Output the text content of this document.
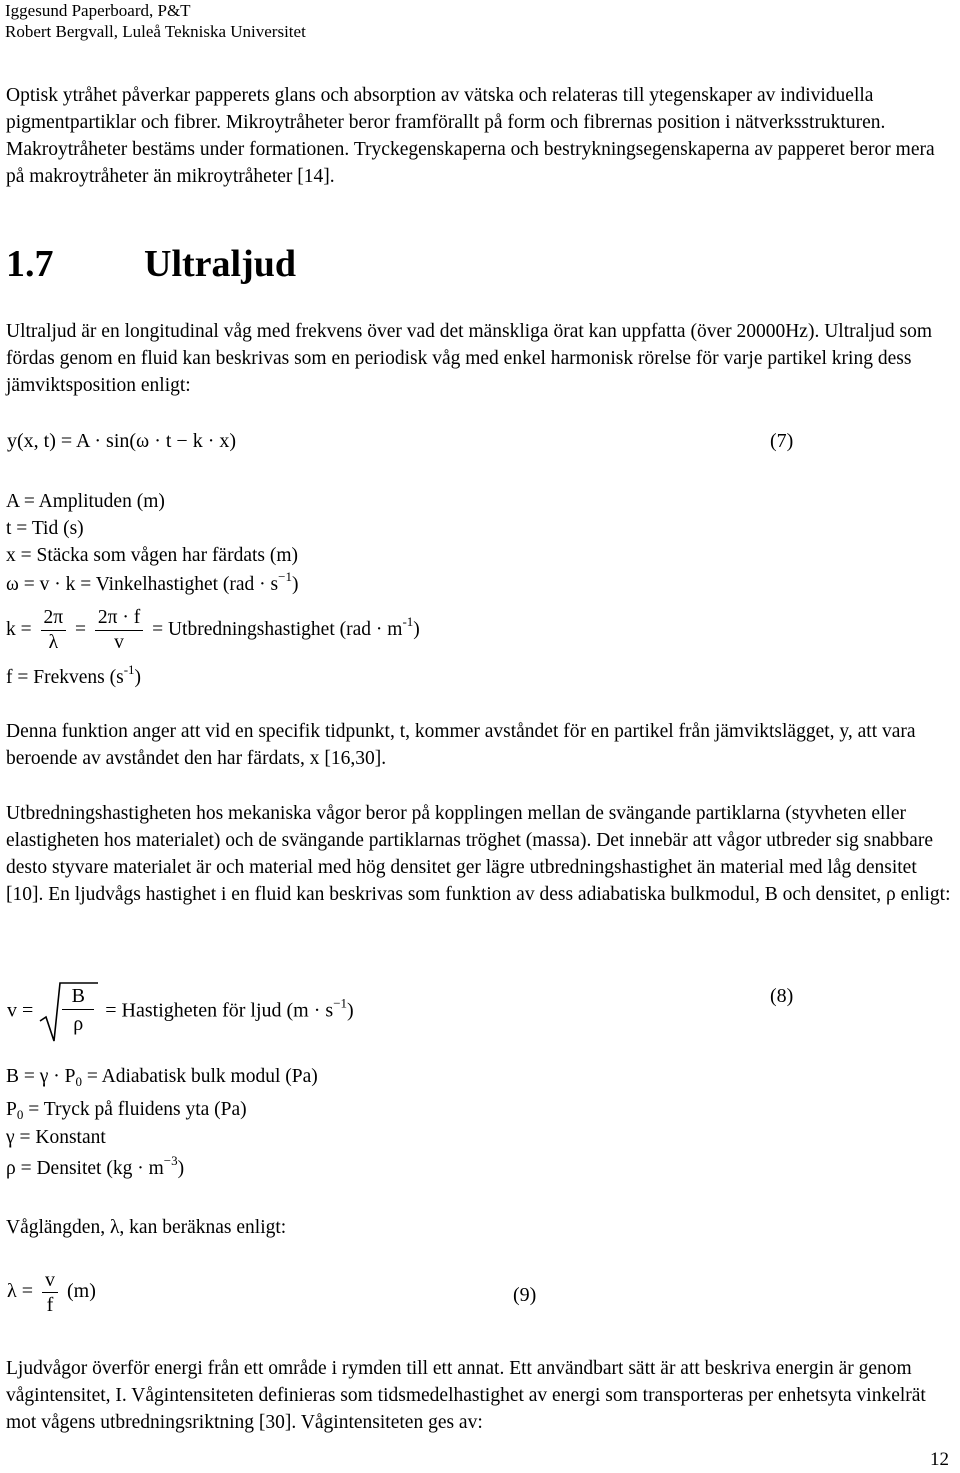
Iggesund Paperboard, P&T
Robert Bergvall, Luleå Tekniska Universitet

Optisk ytråhet påverkar papperets glans och absorption av vätska och relateras till ytegenskaper av individuella pigmentpartiklar och fibrer. Mikroytråheter beror framförallt på form och fibrernas position i nätverksstrukturen. Makroytråheter bestäms under formationen. Tryckegenskaperna och bestrykningsegenskaperna av papperet beror mera på makroytråheter än mikroytråheter [14].

1.7 Ultraljud

Ultraljud är en longitudinal våg med frekvens över vad det mänskliga örat kan uppfatta (över 20000Hz). Ultraljud som fördas genom en fluid kan beskrivas som en periodisk våg med enkel harmonisk rörelse för varje partikel kring dess jämviktsposition enligt:

y(x, t) = A · sin(ω · t − k · x)	(7)
A = Amplituden (m)
t = Tid (s)
x = Stäcka som vågen har färdats (m)
ω = v · k = Vinkelhastighet $(rad \cdot s^{-1})$
$k = \frac{2\pi}{\lambda} = \frac{2\pi \cdot f}{v}$ = Utbredningshastighet $(rad \cdot m^{-1})$
f = Frekvens $(s^{-1})$

Denna funktion anger att vid en specifik tidpunkt, t, kommer avståndet för en partikel från jämviktslägget, y, att vara beroende av avståndet den har färdats, x [16,30].

Utbredningshastigheten hos mekaniska vågor beror på kopplingen mellan de svängande partiklarna (styvheten eller elastigheten hos materialet) och de svängande partiklarnas tröghet (massa). Det innebär att vågor utbreder sig snabbare desto styvare materialet är och material med hög densitet ger lägre utbredningshastighet än material med låg densitet [10]. En ljudvågs hastighet i en fluid kan beskrivas som funktion av dess adiabatiska bulkmodul, B och densitet, ρ enligt:

v =
B
ρ
= Hastigheten för ljud $(m \cdot s^{-1})$
(8)
$B = \gamma \cdot P_0$ = Adiabatisk bulk modul (Pa)
$P_0$ = Tryck på fluidens yta (Pa)
γ = Konstant
ρ = Densitet $(kg \cdot m^{-3})$
Våglängden, λ, kan beräknas enligt:
$\lambda = \frac{v}{f} (m)$	(9)

Ljudvågor överför energi från ett område i rymden till ett annat. Ett användbart sätt är att beskriva energin är genom vågintensitet, I. Vågintensiteten definieras som tidsmedelhastighet av energi som transporteras per enhetsyta vinkelrät mot vågens utbredningsriktning [30]. Vågintensiteten ges av:

12
